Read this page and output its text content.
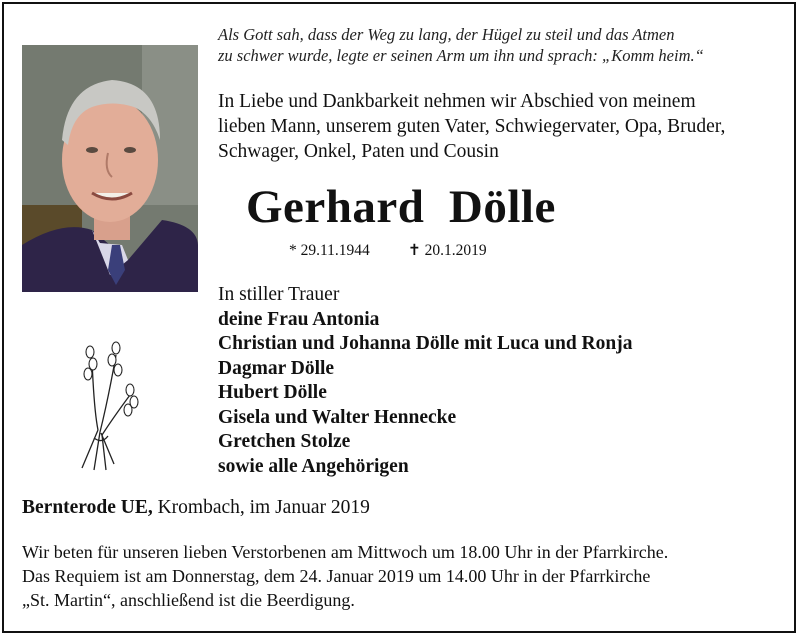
Als Gott sah, dass der Weg zu lang, der Hügel zu steil und das Atmen
zu schwer wurde, legte er seinen Arm um ihn und sprach: „Komm heim.“
In Liebe und Dankbarkeit nehmen wir Abschied von meinem
lieben Mann, unserem guten Vater, Schwiegervater, Opa, Bruder,
Schwager, Onkel, Paten und Cousin
Gerhard  Dölle
* 29.11.1944 ✝ 20.1.2019
In stiller Trauer
deine Frau Antonia
Christian und Johanna Dölle mit Luca und Ronja
Dagmar Dölle
Hubert Dölle
Gisela und Walter Hennecke
Gretchen Stolze
sowie alle Angehörigen
Bernterode UE, Krombach, im Januar 2019
Wir beten für unseren lieben Verstorbenen am Mittwoch um 18.00 Uhr in der Pfarrkirche.
Das Requiem ist am Donnerstag, dem 24. Januar 2019 um 14.00 Uhr in der Pfarrkirche
„St. Martin“, anschließend ist die Beerdigung.
